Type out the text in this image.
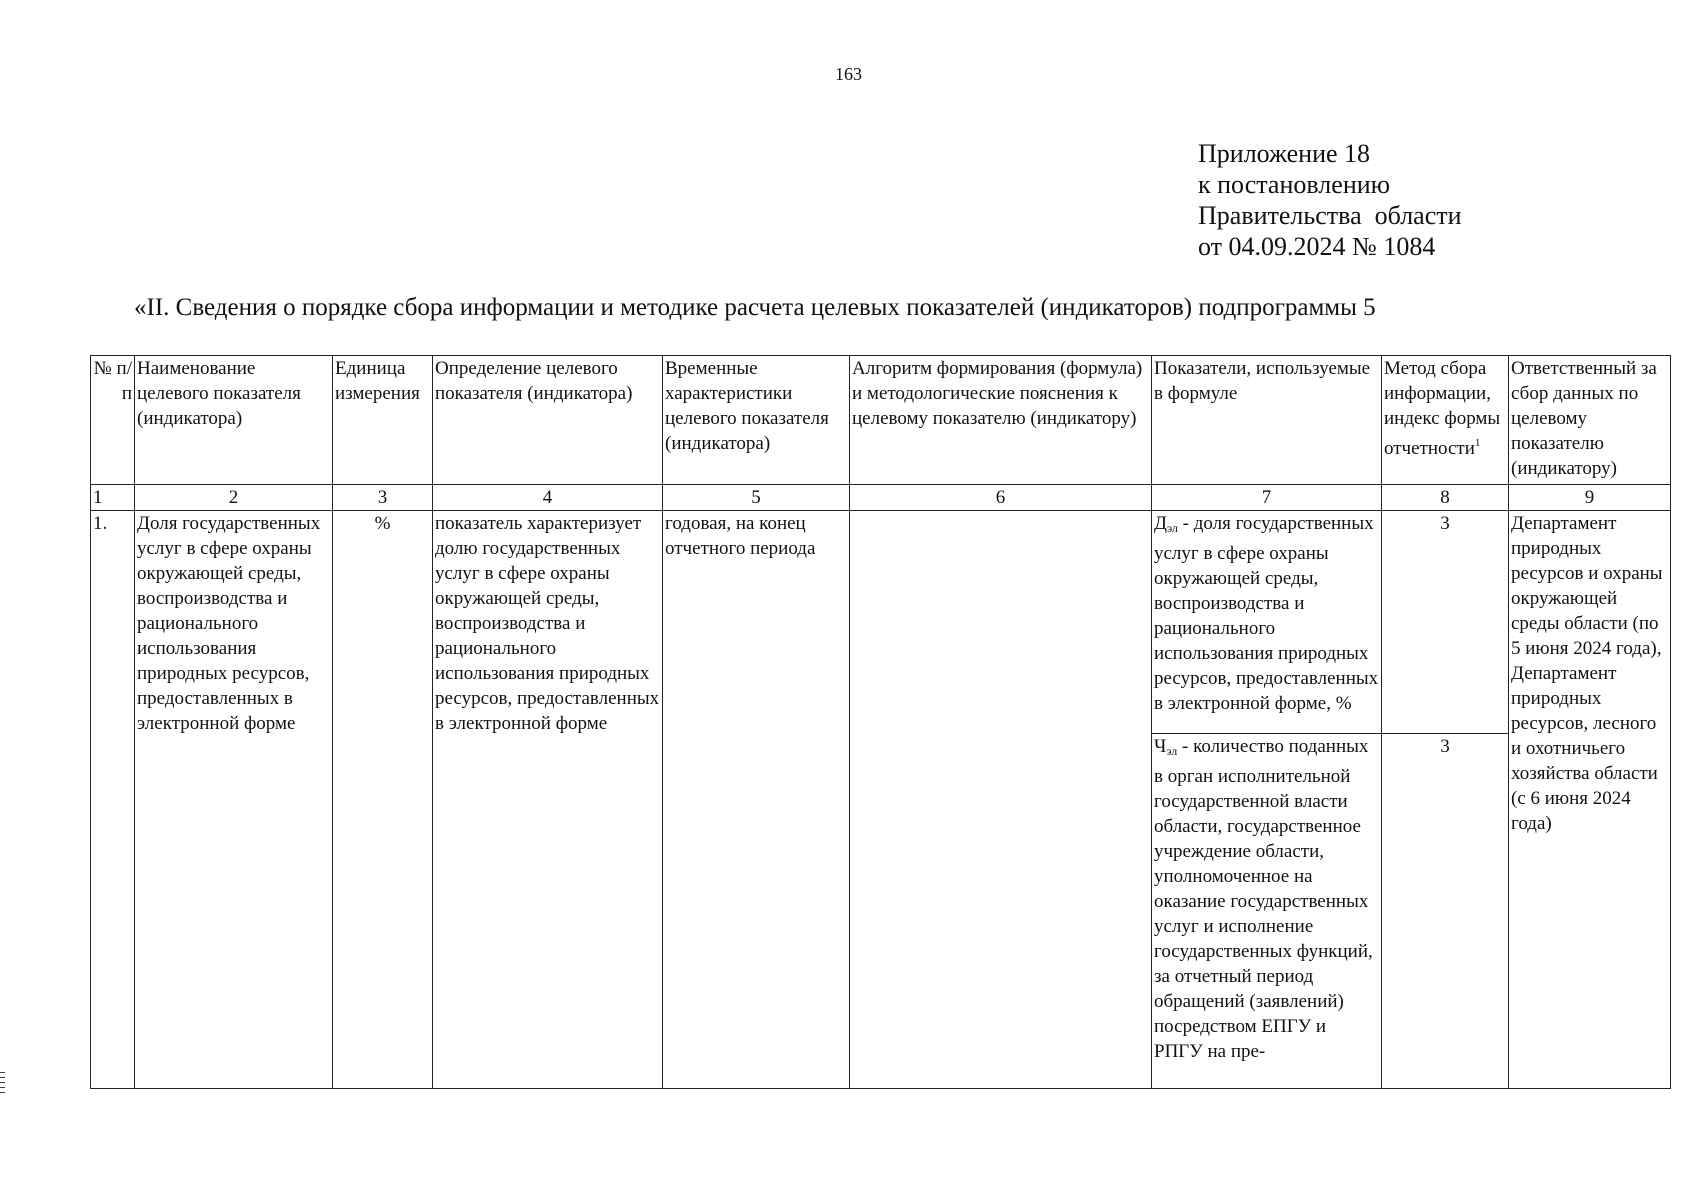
163
Приложение 18
к постановлению
Правительства  области
от 04.09.2024 № 1084
«II. Сведения о порядке сбора информации и методике расчета целевых показателей (индикаторов) подпрограммы 5
№ п/п	Наименование целевого показателя (индикатора)	Единица измерения	Определение целевого показателя (индикатора)	Временные характеристики целевого показателя (индикатора)	Алгоритм формирования (формула) и методологические пояснения к целевому показателю (индикатору)	Показатели, используемые в формуле	Метод сбора информации, индекс формы отчетности$^1$	Ответственный за сбор данных по целевому показателю (индикатору)
1	2	3	4	5	6	7	8	9
1.	Доля государственных услуг в сфере охраны окружающей среды, воспроизводства и рационального использования природных ресурсов, предоставленных в электронной форме	%	показатель характеризует долю государственных услуг в сфере охраны окружающей среды, воспроизводства и рационального использования природных ресурсов, предоставленных в электронной форме	годовая, на конец отчетного периода		$Д_{эл}$ - доля государственных услуг в сфере охраны окружающей среды, воспроизводства и рационального использования природных ресурсов, предоставленных в электронной форме, %	3	Департамент природных ресурсов и охраны окружающей среды области (по 5 июня 2024 года), Департамент природных ресурсов, лесного и охотничьего хозяйства области (с 6 июня 2024 года)

						$Ч_{эл}$ - количество поданных в орган исполнительной государственной власти области, государственное учреждение области, уполномоченное на оказание государственных услуг и исполнение государственных функций, за отчетный период обращений (заявлений) посредством ЕПГУ и РПГУ на пре-	3	
